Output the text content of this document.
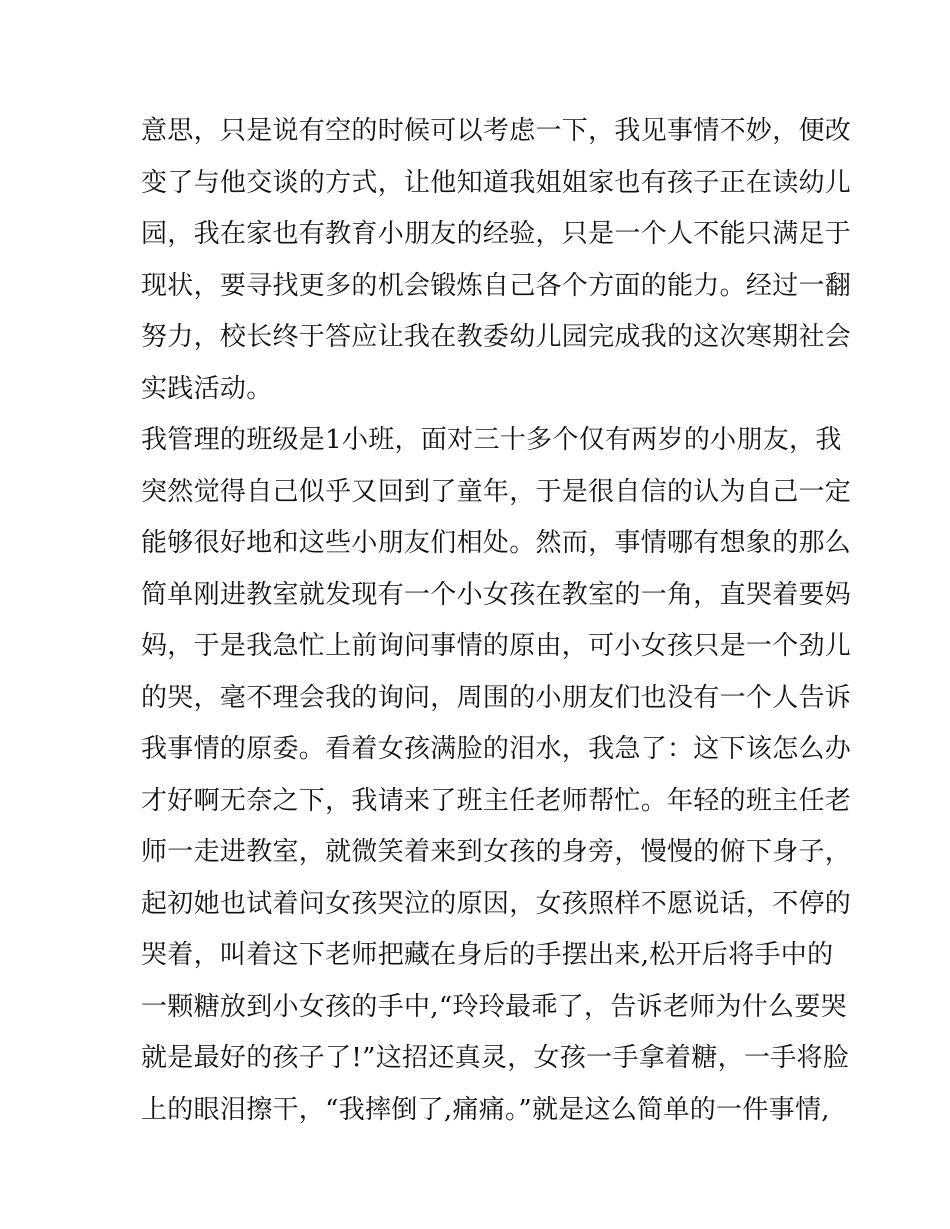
意思，只是说有空的时候可以考虑一下，我见事情不妙，便改
变了与他交谈的方式，让他知道我姐姐家也有孩子正在读幼儿
园，我在家也有教育小朋友的经验，只是一个人不能只满足于
现状，要寻找更多的机会锻炼自己各个方面的能力。经过一翻
努力，校长终于答应让我在教委幼儿园完成我的这次寒期社会
实践活动。
我管理的班级是1小班，面对三十多个仅有两岁的小朋友，我
突然觉得自己似乎又回到了童年，于是很自信的认为自己一定
能够很好地和这些小朋友们相处。然而，事情哪有想象的那么
简单刚进教室就发现有一个小女孩在教室的一角，直哭着要妈
妈，于是我急忙上前询问事情的原由，可小女孩只是一个劲儿
的哭，毫不理会我的询问，周围的小朋友们也没有一个人告诉
我事情的原委。看着女孩满脸的泪水，我急了：这下该怎么办
才好啊无奈之下，我请来了班主任老师帮忙。年轻的班主任老
师一走进教室，就微笑着来到女孩的身旁，慢慢的俯下身子，
起初她也试着问女孩哭泣的原因，女孩照样不愿说话，不停的
哭着，叫着这下老师把藏在身后的手摆出来,松开后将手中的
一颗糖放到小女孩的手中,“玲玲最乖了，告诉老师为什么要哭
就是最好的孩子了!”这招还真灵，女孩一手拿着糖，一手将脸
上的眼泪擦干，“我摔倒了,痛痛。”就是这么简单的一件事情,
